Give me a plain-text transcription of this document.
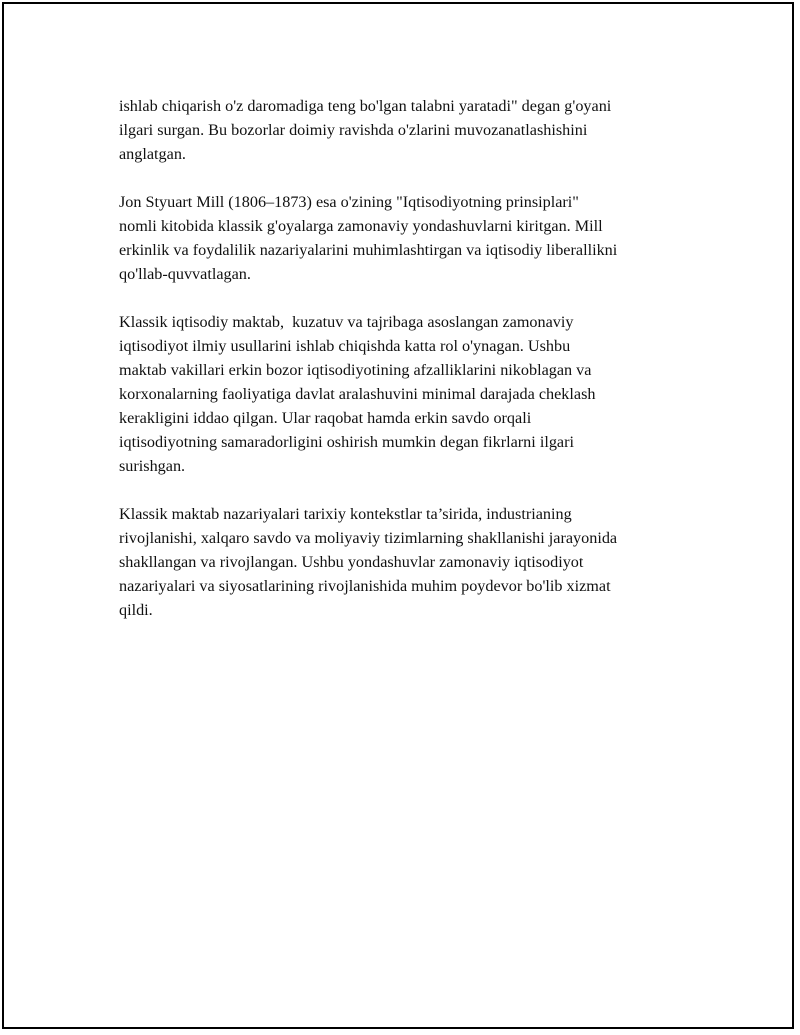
ishlab chiqarish o'z daromadiga teng bo'lgan talabni yaratadi" degan g'oyani
ilgari surgan. Bu bozorlar doimiy ravishda o'zlarini muvozanatlashishini
anglatgan.

Jon Styuart Mill (1806–1873) esa o'zining "Iqtisodiyotning prinsiplari"
nomli kitobida klassik g'oyalarga zamonaviy yondashuvlarni kiritgan. Mill
erkinlik va foydalilik nazariyalarini muhimlashtirgan va iqtisodiy liberallikni
qo'llab-quvvatlagan.

Klassik iqtisodiy maktab,  kuzatuv va tajribaga asoslangan zamonaviy
iqtisodiyot ilmiy usullarini ishlab chiqishda katta rol o'ynagan. Ushbu
maktab vakillari erkin bozor iqtisodiyotining afzalliklarini nikoblagan va
korxonalarning faoliyatiga davlat aralashuvini minimal darajada cheklash
kerakligini iddao qilgan. Ular raqobat hamda erkin savdo orqali
iqtisodiyotning samaradorligini oshirish mumkin degan fikrlarni ilgari
surishgan.

Klassik maktab nazariyalari tarixiy kontekstlar ta’sirida, industrianing
rivojlanishi, xalqaro savdo va moliyaviy tizimlarning shakllanishi jarayonida
shakllangan va rivojlangan. Ushbu yondashuvlar zamonaviy iqtisodiyot
nazariyalari va siyosatlarining rivojlanishida muhim poydevor bo'lib xizmat
qildi.
